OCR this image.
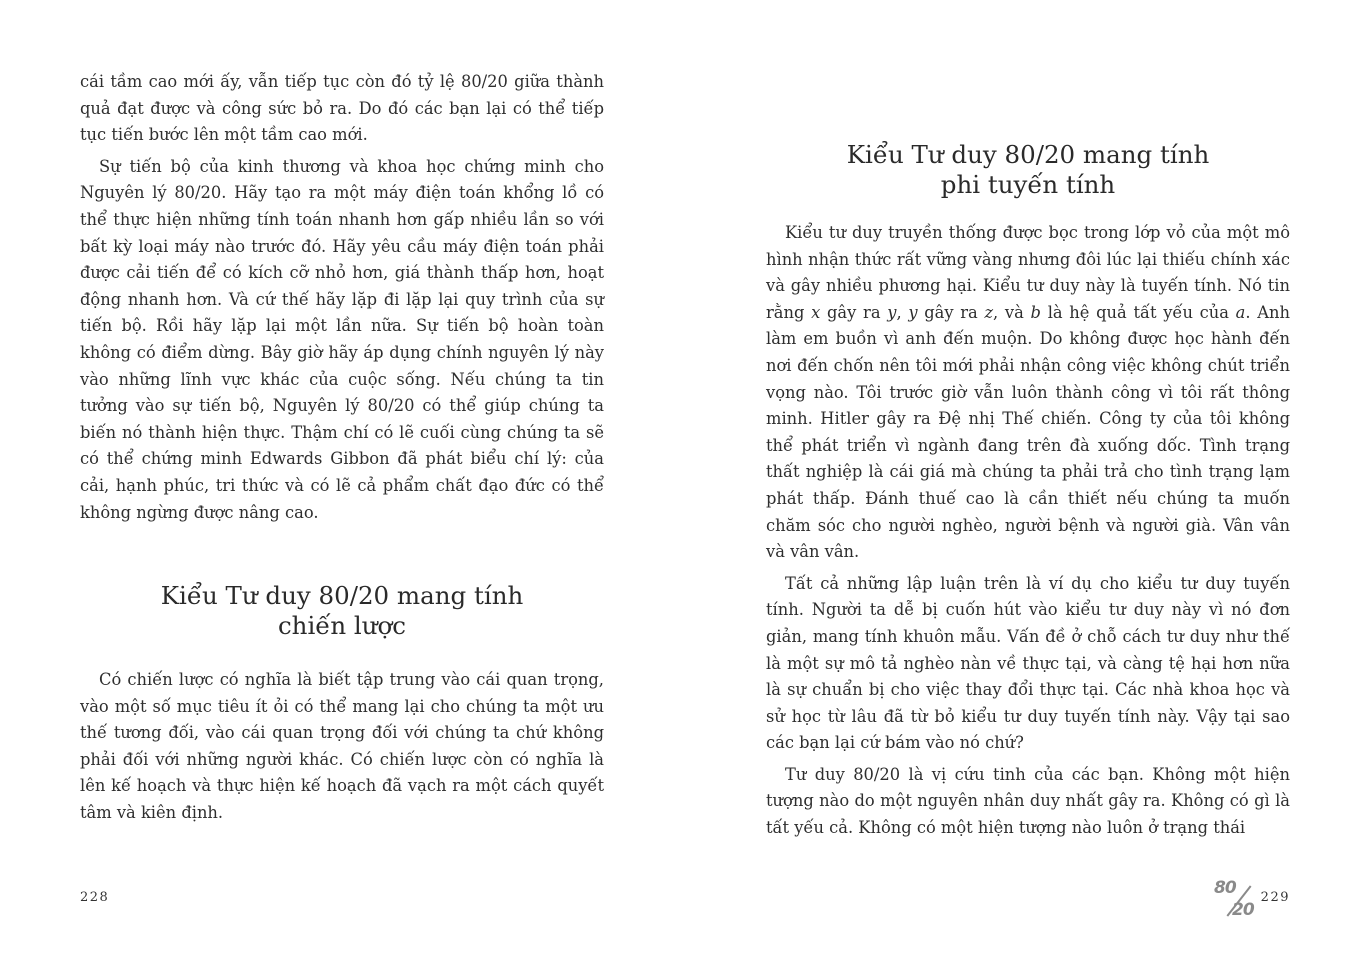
cái tầm cao mới ấy, vẫn tiếp tục còn đó tỷ lệ 80/20 giữa thành quả đạt được và công sức bỏ ra. Do đó các bạn lại có thể tiếp tục tiến bước lên một tầm cao mới.

Sự tiến bộ của kinh thương và khoa học chứng minh cho Nguyên lý 80/20. Hãy tạo ra một máy điện toán khổng lồ có thể thực hiện những tính toán nhanh hơn gấp nhiều lần so với bất kỳ loại máy nào trước đó. Hãy yêu cầu máy điện toán phải được cải tiến để có kích cỡ nhỏ hơn, giá thành thấp hơn, hoạt động nhanh hơn. Và cứ thế hãy lặp đi lặp lại quy trình của sự tiến bộ. Rồi hãy lặp lại một lần nữa. Sự tiến bộ hoàn toàn không có điểm dừng. Bây giờ hãy áp dụng chính nguyên lý này vào những lĩnh vực khác của cuộc sống. Nếu chúng ta tin tưởng vào sự tiến bộ, Nguyên lý 80/20 có thể giúp chúng ta biến nó thành hiện thực. Thậm chí có lẽ cuối cùng chúng ta sẽ có thể chứng minh Edwards Gibbon đã phát biểu chí lý: của cải, hạnh phúc, tri thức và có lẽ cả phẩm chất đạo đức có thể không ngừng được nâng cao.

Kiểu Tư duy 80/20 mang tính
chiến lược

Có chiến lược có nghĩa là biết tập trung vào cái quan trọng, vào một số mục tiêu ít ỏi có thể mang lại cho chúng ta một ưu thế tương đối, vào cái quan trọng đối với chúng ta chứ không phải đối với những người khác. Có chiến lược còn có nghĩa là lên kế hoạch và thực hiện kế hoạch đã vạch ra một cách quyết tâm và kiên định.

228
Kiểu Tư duy 80/20 mang tính
phi tuyến tính

Kiểu tư duy truyền thống được bọc trong lớp vỏ của một mô hình nhận thức rất vững vàng nhưng đôi lúc lại thiếu chính xác và gây nhiều phương hại. Kiểu tư duy này là tuyến tính. Nó tin rằng x gây ra y, y gây ra z, và b là hệ quả tất yếu của a. Anh làm em buồn vì anh đến muộn. Do không được học hành đến nơi đến chốn nên tôi mới phải nhận công việc không chút triển vọng nào. Tôi trước giờ vẫn luôn thành công vì tôi rất thông minh. Hitler gây ra Đệ nhị Thế chiến. Công ty của tôi không thể phát triển vì ngành đang trên đà xuống dốc. Tình trạng thất nghiệp là cái giá mà chúng ta phải trả cho tình trạng lạm phát thấp. Đánh thuế cao là cần thiết nếu chúng ta muốn chăm sóc cho người nghèo, người bệnh và người già. Vân vân và vân vân.

Tất cả những lập luận trên là ví dụ cho kiểu tư duy tuyến tính. Người ta dễ bị cuốn hút vào kiểu tư duy này vì nó đơn giản, mang tính khuôn mẫu. Vấn đề ở chỗ cách tư duy như thế là một sự mô tả nghèo nàn về thực tại, và càng tệ hại hơn nữa là sự chuẩn bị cho việc thay đổi thực tại. Các nhà khoa học và sử học từ lâu đã từ bỏ kiểu tư duy tuyến tính này. Vậy tại sao các bạn lại cứ bám vào nó chứ?

Tư duy 80/20 là vị cứu tinh của các bạn. Không một hiện tượng nào do một nguyên nhân duy nhất gây ra. Không có gì là tất yếu cả. Không có một hiện tượng nào luôn ở trạng thái

80
20
229
